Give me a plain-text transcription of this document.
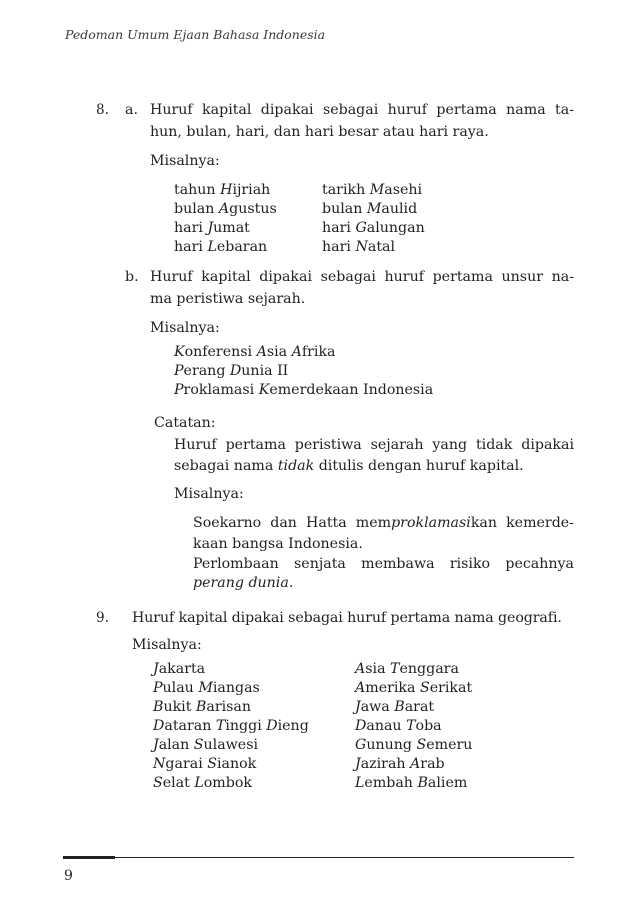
Pedoman Umum Ejaan Bahasa Indonesia
8. a. Huruf kapital dipakai sebagai huruf pertama nama ta-
hun, bulan, hari, dan hari besar atau hari raya.
Misalnya:
tahun Hijriah
bulan Agustus
hari Jumat
hari Lebaran
tarikh Masehi
bulan Maulid
hari Galungan
hari Natal
b. Huruf kapital dipakai sebagai huruf pertama unsur na-
ma peristiwa sejarah.
Misalnya:
Konferensi Asia Afrika
Perang Dunia II
Proklamasi Kemerdekaan Indonesia
Catatan:
Huruf pertama peristiwa sejarah yang tidak dipakai
sebagai nama tidak ditulis dengan huruf kapital.
Misalnya:
Soekarno dan Hatta memproklamasikan kemerde-
kaan bangsa Indonesia.
Perlombaan senjata membawa risiko pecahnya
perang dunia.
9. Huruf kapital dipakai sebagai huruf pertama nama geografi.
Misalnya:
Jakarta
Pulau Miangas
Bukit Barisan
Dataran Tinggi Dieng
Jalan Sulawesi
Ngarai Sianok
Selat Lombok
Asia Tenggara
Amerika Serikat
Jawa Barat
Danau Toba
Gunung Semeru
Jazirah Arab
Lembah Baliem
9
